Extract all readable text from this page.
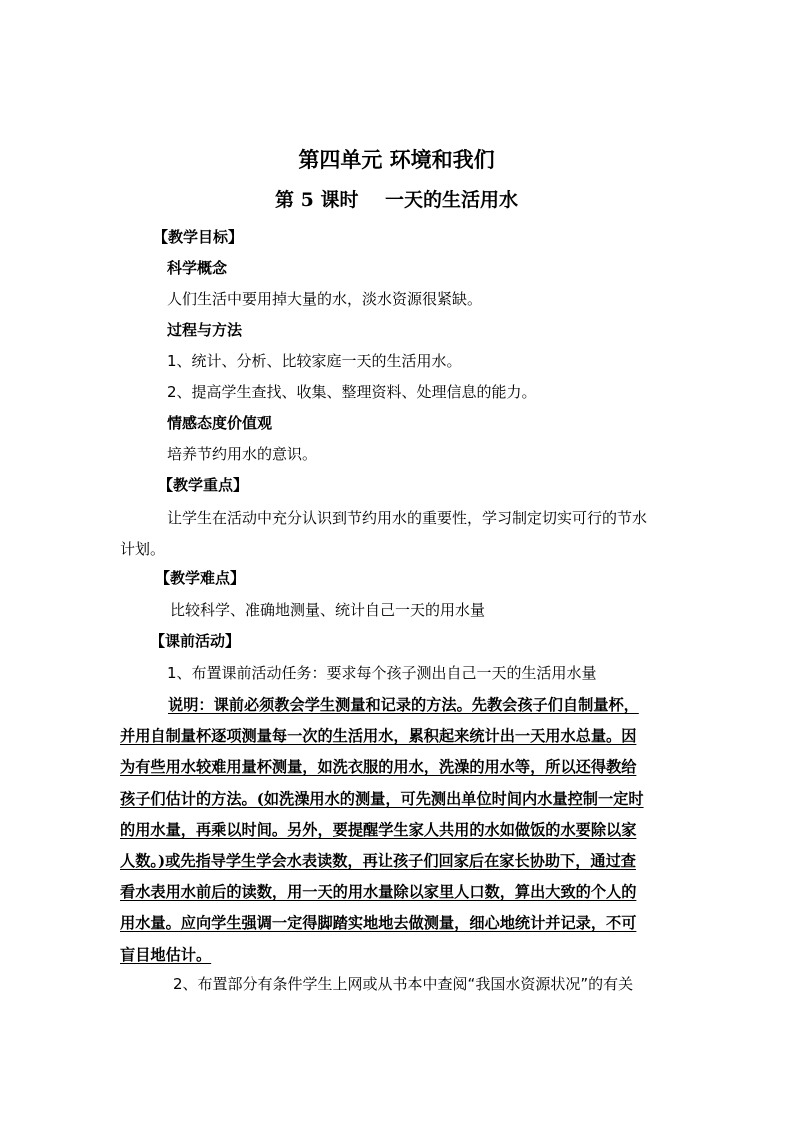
第四单元 环境和我们
第 5 课时    一天的生活用水
【教学目标】
科学概念
人们生活中要用掉大量的水，淡水资源很紧缺。
过程与方法
1、统计、分析、比较家庭一天的生活用水。
2、提高学生查找、收集、整理资料、处理信息的能力。
情感态度价值观
培养节约用水的意识。
【教学重点】
让学生在活动中充分认识到节约用水的重要性，学习制定切实可行的节水
计划。
【教学难点】
比较科学、准确地测量、统计自己一天的用水量
【课前活动】
1、布置课前活动任务：要求每个孩子测出自己一天的生活用水量
说明：课前必须教会学生测量和记录的方法。先教会孩子们自制量杯，
并用自制量杯逐项测量每一次的生活用水，累积起来统计出一天用水总量。因
为有些用水较难用量杯测量，如洗衣服的用水，洗澡的用水等，所以还得教给
孩子们估计的方法。(如洗澡用水的测量，可先测出单位时间内水量控制一定时
的用水量，再乘以时间。另外，要提醒学生家人共用的水如做饭的水要除以家
人数。)或先指导学生学会水表读数，再让孩子们回家后在家长协助下，通过查
看水表用水前后的读数，用一天的用水量除以家里人口数，算出大致的个人的
用水量。应向学生强调一定得脚踏实地地去做测量，细心地统计并记录，不可
盲目地估计。
2、布置部分有条件学生上网或从书本中查阅“我国水资源状况”的有关
